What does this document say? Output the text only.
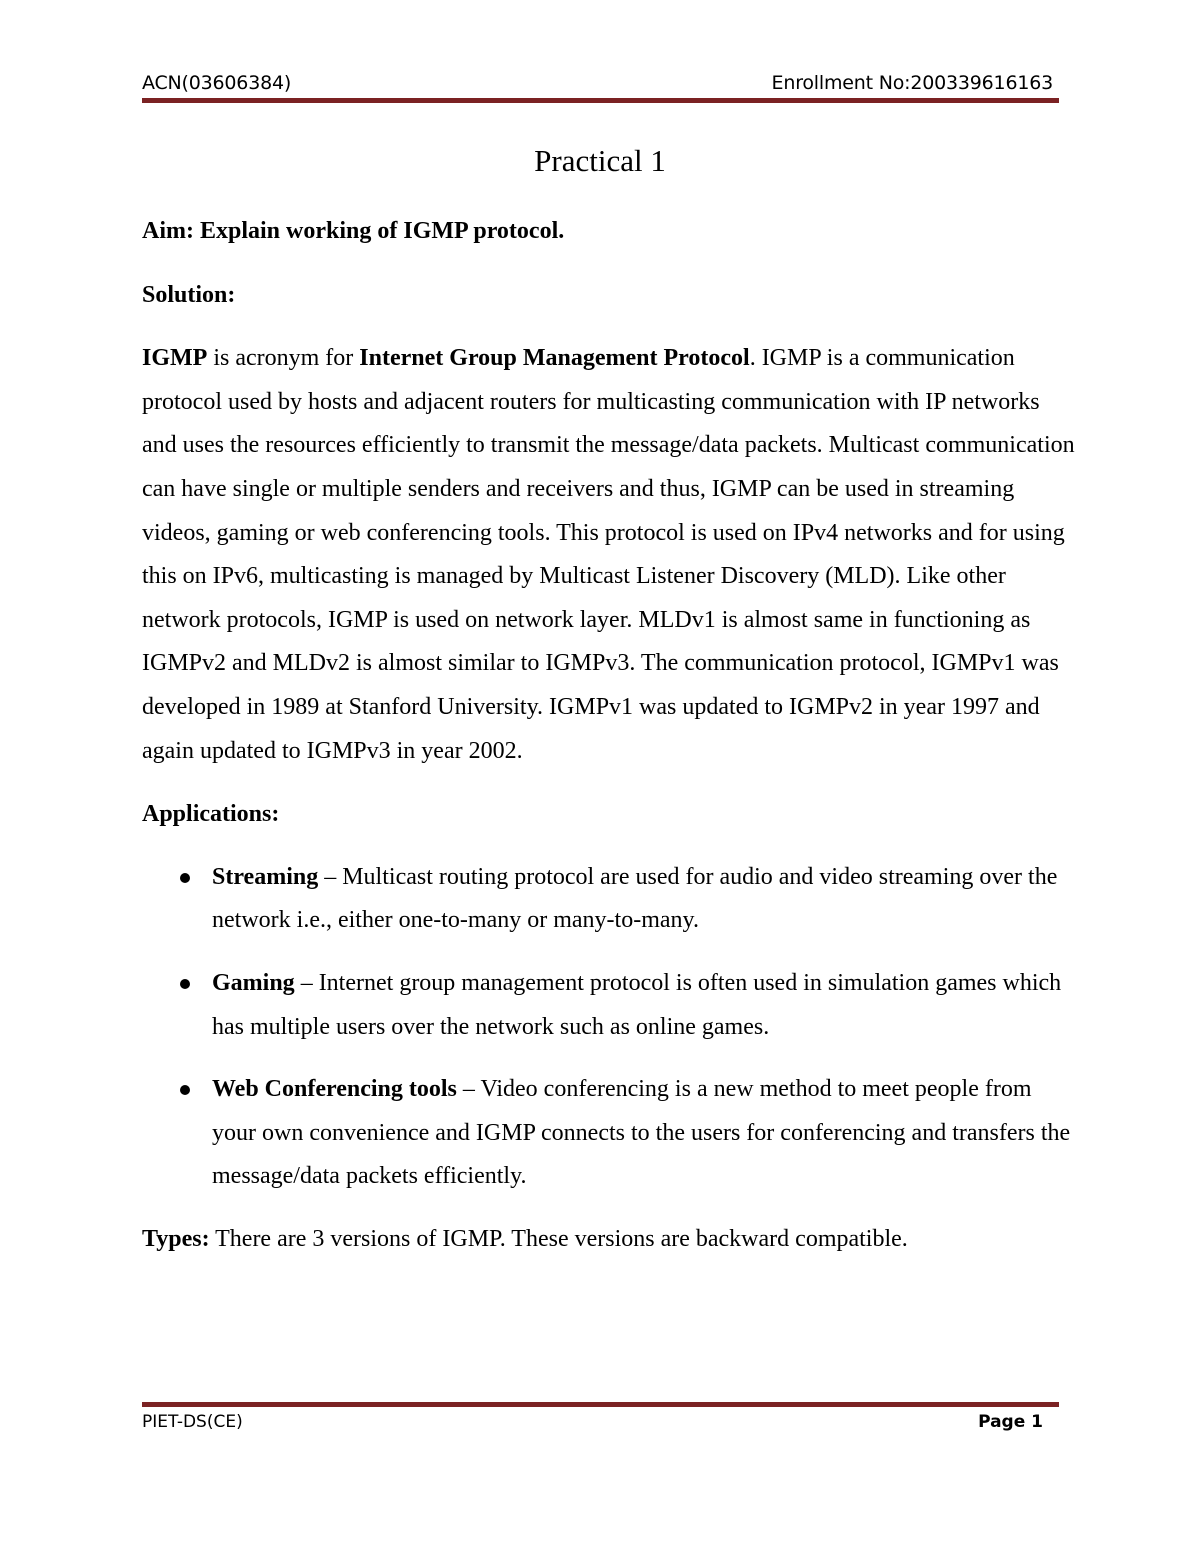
ACN(03606384)	Enrollment No:200339616163
Practical 1

Aim: Explain working of IGMP protocol.

Solution:

IGMP is acronym for Internet Group Management Protocol. IGMP is a communication protocol used by hosts and adjacent routers for multicasting communication with IP networks and uses the resources efficiently to transmit the message/data packets. Multicast communication can have single or multiple senders and receivers and thus, IGMP can be used in streaming videos, gaming or web conferencing tools. This protocol is used on IPv4 networks and for using this on IPv6, multicasting is managed by Multicast Listener Discovery (MLD). Like other network protocols, IGMP is used on network layer. MLDv1 is almost same in functioning as IGMPv2 and MLDv2 is almost similar to IGMPv3. The communication protocol, IGMPv1 was developed in 1989 at Stanford University. IGMPv1 was updated to IGMPv2 in year 1997 and again updated to IGMPv3 in year 2002.

Applications:

Streaming – Multicast routing protocol are used for audio and video streaming over the network i.e., either one-to-many or many-to-many.
Gaming – Internet group management protocol is often used in simulation games which has multiple users over the network such as online games.
Web Conferencing tools – Video conferencing is a new method to meet people from your own convenience and IGMP connects to the users for conferencing and transfers the message/data packets efficiently.

Types: There are 3 versions of IGMP. These versions are backward compatible.

PIET-DS(CE)	Page 1
